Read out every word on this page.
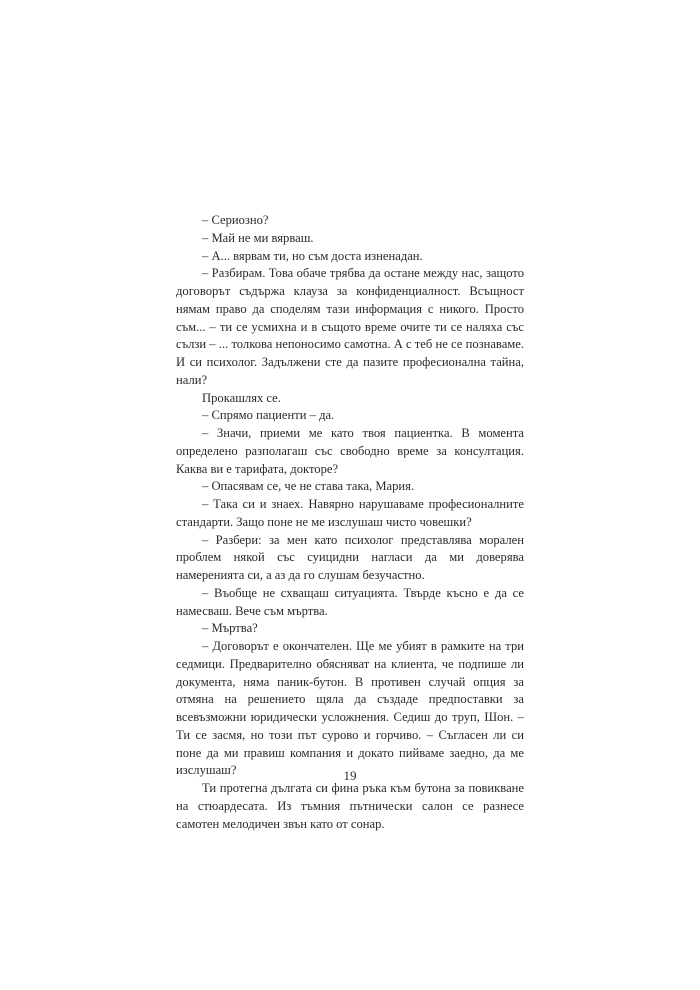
– Сериозно?

– Май не ми вярваш.

– А... вярвам ти, но съм доста изненадан.

– Разбирам. Това обаче трябва да остане между нас, защото договорът съдържа клауза за конфиденциалност. Всъщност нямам право да споделям тази информация с никого. Просто съм... – ти се усмихна и в същото време очите ти се наляха със сълзи – ... толкова непоносимо самотна. А с теб не се познаваме. И си психолог. Задължени сте да пазите професионална тайна, нали?

Прокашлях се.

– Спрямо пациенти – да.

– Значи, приеми ме като твоя пациентка. В момента определено разполагаш със свободно време за консултация. Каква ви е тарифата, докторе?

– Опасявам се, че не става така, Мария.

– Така си и знаех. Навярно нарушаваме професионалните стандарти. Защо поне не ме изслушаш чисто човешки?

– Разбери: за мен като психолог представлява морален проблем някой със суицидни нагласи да ми доверява намеренията си, а аз да го слушам безучастно.

– Въобще не схващаш ситуацията. Твърде късно е да се намесваш. Вече съм мъртва.

– Мъртва?

– Договорът е окончателен. Ще ме убият в рамките на три седмици. Предварително обясняват на клиента, че подпише ли документа, няма паник-бутон. В противен случай опция за отмяна на решението щяла да създаде предпоставки за всевъзможни юридически усложнения. Седиш до труп, Шон. – Ти се засмя, но този път сурово и горчиво. – Съгласен ли си поне да ми правиш компания и докато пийваме заедно, да ме изслушаш?

Ти протегна дългата си фина ръка към бутона за повикване на стюардесата. Из тъмния пътнически салон се разнесе самотен мелодичен звън като от сонар.

19
